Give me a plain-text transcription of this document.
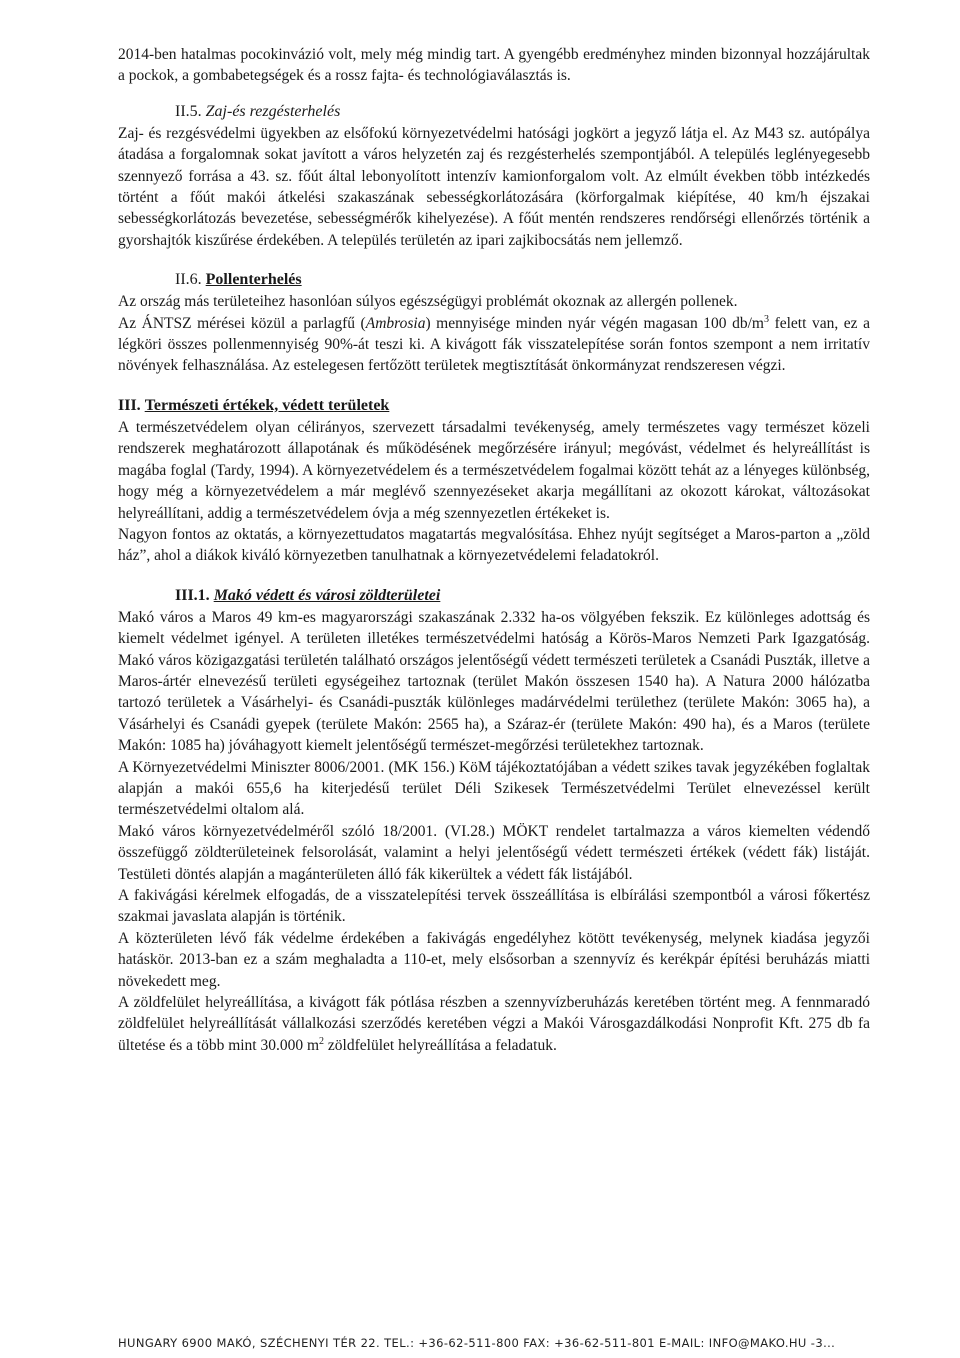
2014-ben hatalmas pocokinvázió volt, mely még mindig tart. A gyengébb eredményhez minden bizonnyal hozzájárultak a pockok, a gombabetegségek és a rossz fajta- és technológiaválasztás is.

II.5. Zaj-és rezgésterhelés

Zaj- és rezgésvédelmi ügyekben az elsőfokú környezetvédelmi hatósági jogkört a jegyző látja el. Az M43 sz. autópálya átadása a forgalomnak sokat javított a város helyzetén zaj és rezgésterhelés szempontjából. A település leglényegesebb szennyező forrása a 43. sz. főút által lebonyolított intenzív kamionforgalom volt. Az elmúlt években több intézkedés történt a főút makói átkelési szakaszának sebességkorlátozására (körforgalmak kiépítése, 40 km/h éjszakai sebességkorlátozás bevezetése, sebességmérők kihelyezése). A főút mentén rendszeres rendőrségi ellenőrzés történik a gyorshajtók kiszűrése érdekében. A település területén az ipari zajkibocsátás nem jellemző.

II.6. Pollenterhelés

Az ország más területeihez hasonlóan súlyos egészségügyi problémát okoznak az allergén pollenek.

Az ÁNTSZ mérései közül a parlagfű (Ambrosia) mennyisége minden nyár végén magasan 100 $db/m^3$ felett van, ez a légköri összes pollenmennyiség 90%-át teszi ki. A kivágott fák visszatelepítése során fontos szempont a nem irritatív növények felhasználása. Az estelegesen fertőzött területek megtisztítását önkormányzat rendszeresen végzi.

III. Természeti értékek, védett területek

A természetvédelem olyan célirányos, szervezett társadalmi tevékenység, amely természetes vagy természet közeli rendszerek meghatározott állapotának és működésének megőrzésére irányul; megóvást, védelmet és helyreállítást is magába foglal (Tardy, 1994). A környezetvédelem és a természetvédelem fogalmai között tehát az a lényeges különbség, hogy még a környezetvédelem a már meglévő szennyezéseket akarja megállítani az okozott károkat, változásokat helyreállítani, addig a természetvédelem óvja a még szennyezetlen értékeket is.

Nagyon fontos az oktatás, a környezettudatos magatartás megvalósítása. Ehhez nyújt segítséget a Maros-parton a „zöld ház”, ahol a diákok kiváló környezetben tanulhatnak a környezetvédelemi feladatokról.

III.1. Makó védett és városi zöldterületei

Makó város a Maros 49 km-es magyarországi szakaszának 2.332 ha-os völgyében fekszik. Ez különleges adottság és kiemelt védelmet igényel. A területen illetékes természetvédelmi hatóság a Körös-Maros Nemzeti Park Igazgatóság. Makó város közigazgatási területén található országos jelentőségű védett természeti területek a Csanádi Puszták, illetve a Maros-ártér elnevezésű területi egységeihez tartoznak (terület Makón összesen 1540 ha). A Natura 2000 hálózatba tartozó területek a Vásárhelyi- és Csanádi-puszták különleges madárvédelmi területhez (területe Makón: 3065 ha), a Vásárhelyi és Csanádi gyepek (területe Makón: 2565 ha), a Száraz-ér (területe Makón: 490 ha), és a Maros (területe Makón: 1085 ha) jóváhagyott kiemelt jelentőségű természet-megőrzési területekhez tartoznak.

A Környezetvédelmi Miniszter 8006/2001. (MK 156.) KöM tájékoztatójában a védett szikes tavak jegyzékében foglaltak alapján a makói 655,6 ha kiterjedésű terület Déli Szikesek Természetvédelmi Terület elnevezéssel került természetvédelmi oltalom alá.

Makó város környezetvédelméről szóló 18/2001. (VI.28.) MÖKT rendelet tartalmazza a város kiemelten védendő összefüggő zöldterületeinek felsorolását, valamint a helyi jelentőségű védett természeti értékek (védett fák) listáját. Testületi döntés alapján a magánterületen álló fák kikerültek a védett fák listájából.

A fakivágási kérelmek elfogadás, de a visszatelepítési tervek összeállítása is elbírálási szempontból a városi főkertész szakmai javaslata alapján is történik.

A közterületen lévő fák védelme érdekében a fakivágás engedélyhez kötött tevékenység, melynek kiadása jegyzői hatáskör. 2013-ban ez a szám meghaladta a 110-et, mely elsősorban a szennyvíz és kerékpár építési beruházás miatti növekedett meg.

A zöldfelület helyreállítása, a kivágott fák pótlása részben a szennyvízberuházás keretében történt meg. A fennmaradó zöldfelület helyreállítását vállalkozási szerződés keretében végzi a Makói Városgazdálkodási Nonprofit Kft. 275 db fa ültetése és a több mint 30.000 $m^2$ zöldfelület helyreállítása a feladatuk.

HUNGARY 6900 MAKÓ, SZÉCHENYI TÉR 22. TEL.: +36-62-511-800 FAX: +36-62-511-801 E-MAIL: INFO@MAKO.HU -3...
